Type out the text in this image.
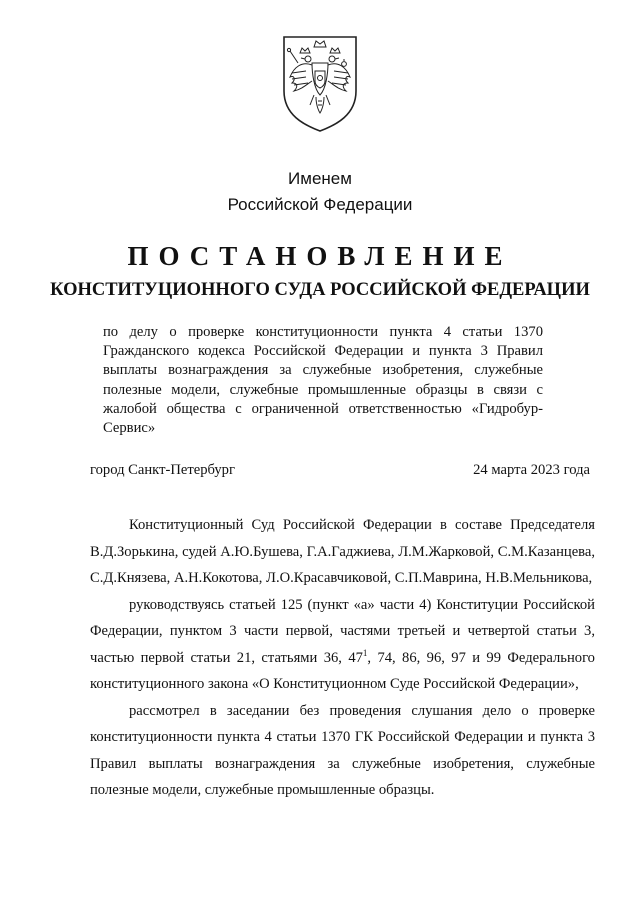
Именем
Российской Федерации
ПОСТАНОВЛЕНИЕ
КОНСТИТУЦИОННОГО СУДА РОССИЙСКОЙ ФЕДЕРАЦИИ
по делу о проверке конституционности пункта 4 статьи 1370 Гражданского кодекса Российской Федерации и пункта 3 Правил выплаты вознаграждения за служебные изобретения, служебные полезные модели, служебные промышленные образцы в связи с жалобой общества с ограниченной ответственностью «Гидробур-Сервис»
город Санкт-Петербург	24 марта 2023 года

Конституционный Суд Российской Федерации в составе Председателя В.Д.Зорькина, судей А.Ю.Бушева, Г.А.Гаджиева, Л.М.Жарковой, С.М.Казанцева, С.Д.Князева, А.Н.Кокотова, Л.О.Красавчиковой, С.П.Маврина, Н.В.Мельникова,

руководствуясь статьей 125 (пункт «а» части 4) Конституции Российской Федерации, пунктом 3 части первой, частями третьей и четвертой статьи 3, частью первой статьи 21, статьями 36, $47^1$, 74, 86, 96, 97 и 99 Федерального конституционного закона «О Конституционном Суде Российской Федерации»,

рассмотрел в заседании без проведения слушания дело о проверке конституционности пункта 4 статьи 1370 ГК Российской Федерации и пункта 3 Правил выплаты вознаграждения за служебные изобретения, служебные полезные модели, служебные промышленные образцы.
